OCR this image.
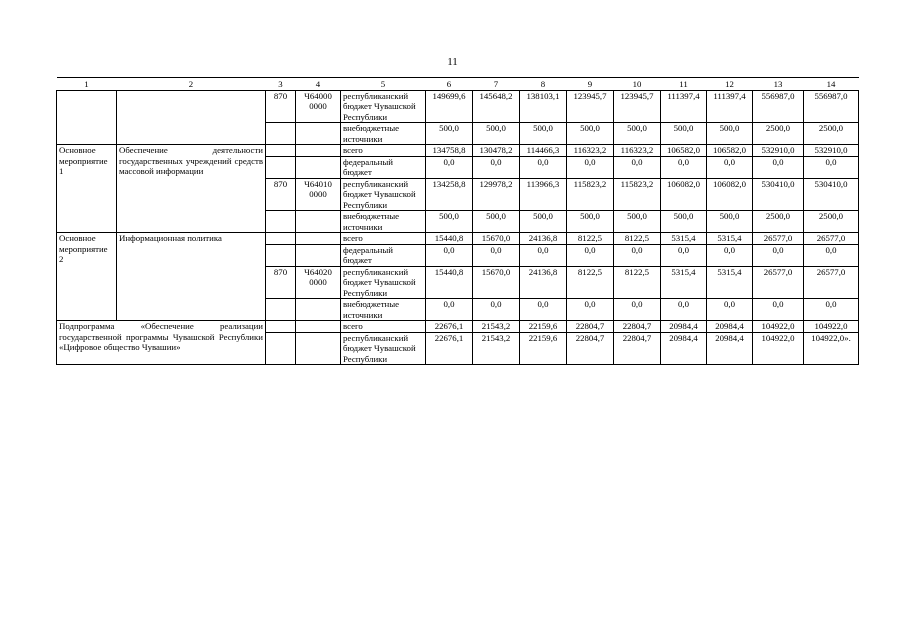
11
1	2	3	4	5	6	7	8	9	10	11	12	13	14
		870	Ч64000 0000	республиканский бюджет Чувашской Республики	149699,6	145648,2	138103,1	123945,7	123945,7	111397,4	111397,4	556987,0	556987,0
				внебюджетные источники	500,0	500,0	500,0	500,0	500,0	500,0	500,0	2500,0	2500,0
Основное мероприятие 1	Обеспечение деятельности государственных учреждений средств массовой информации			всего	134758,8	130478,2	114466,3	116323,2	116323,2	106582,0	106582,0	532910,0	532910,0
				федеральный бюджет	0,0	0,0	0,0	0,0	0,0	0,0	0,0	0,0	0,0
		870	Ч64010 0000	республиканский бюджет Чувашской Республики	134258,8	129978,2	113966,3	115823,2	115823,2	106082,0	106082,0	530410,0	530410,0
				внебюджетные источники	500,0	500,0	500,0	500,0	500,0	500,0	500,0	2500,0	2500,0
Основное мероприятие 2	Информационная политика			всего	15440,8	15670,0	24136,8	8122,5	8122,5	5315,4	5315,4	26577,0	26577,0
				федеральный бюджет	0,0	0,0	0,0	0,0	0,0	0,0	0,0	0,0	0,0
		870	Ч64020 0000	республиканский бюджет Чувашской Республики	15440,8	15670,0	24136,8	8122,5	8122,5	5315,4	5315,4	26577,0	26577,0
				внебюджетные источники	0,0	0,0	0,0	0,0	0,0	0,0	0,0	0,0	0,0
Подпрограмма «Обеспечение реализации государственной программы Чувашской Республики «Цифровое общество Чувашии»				всего	22676,1	21543,2	22159,6	22804,7	22804,7	20984,4	20984,4	104922,0	104922,0
				республиканский бюджет Чувашской Республики	22676,1	21543,2	22159,6	22804,7	22804,7	20984,4	20984,4	104922,0	104922,0».
